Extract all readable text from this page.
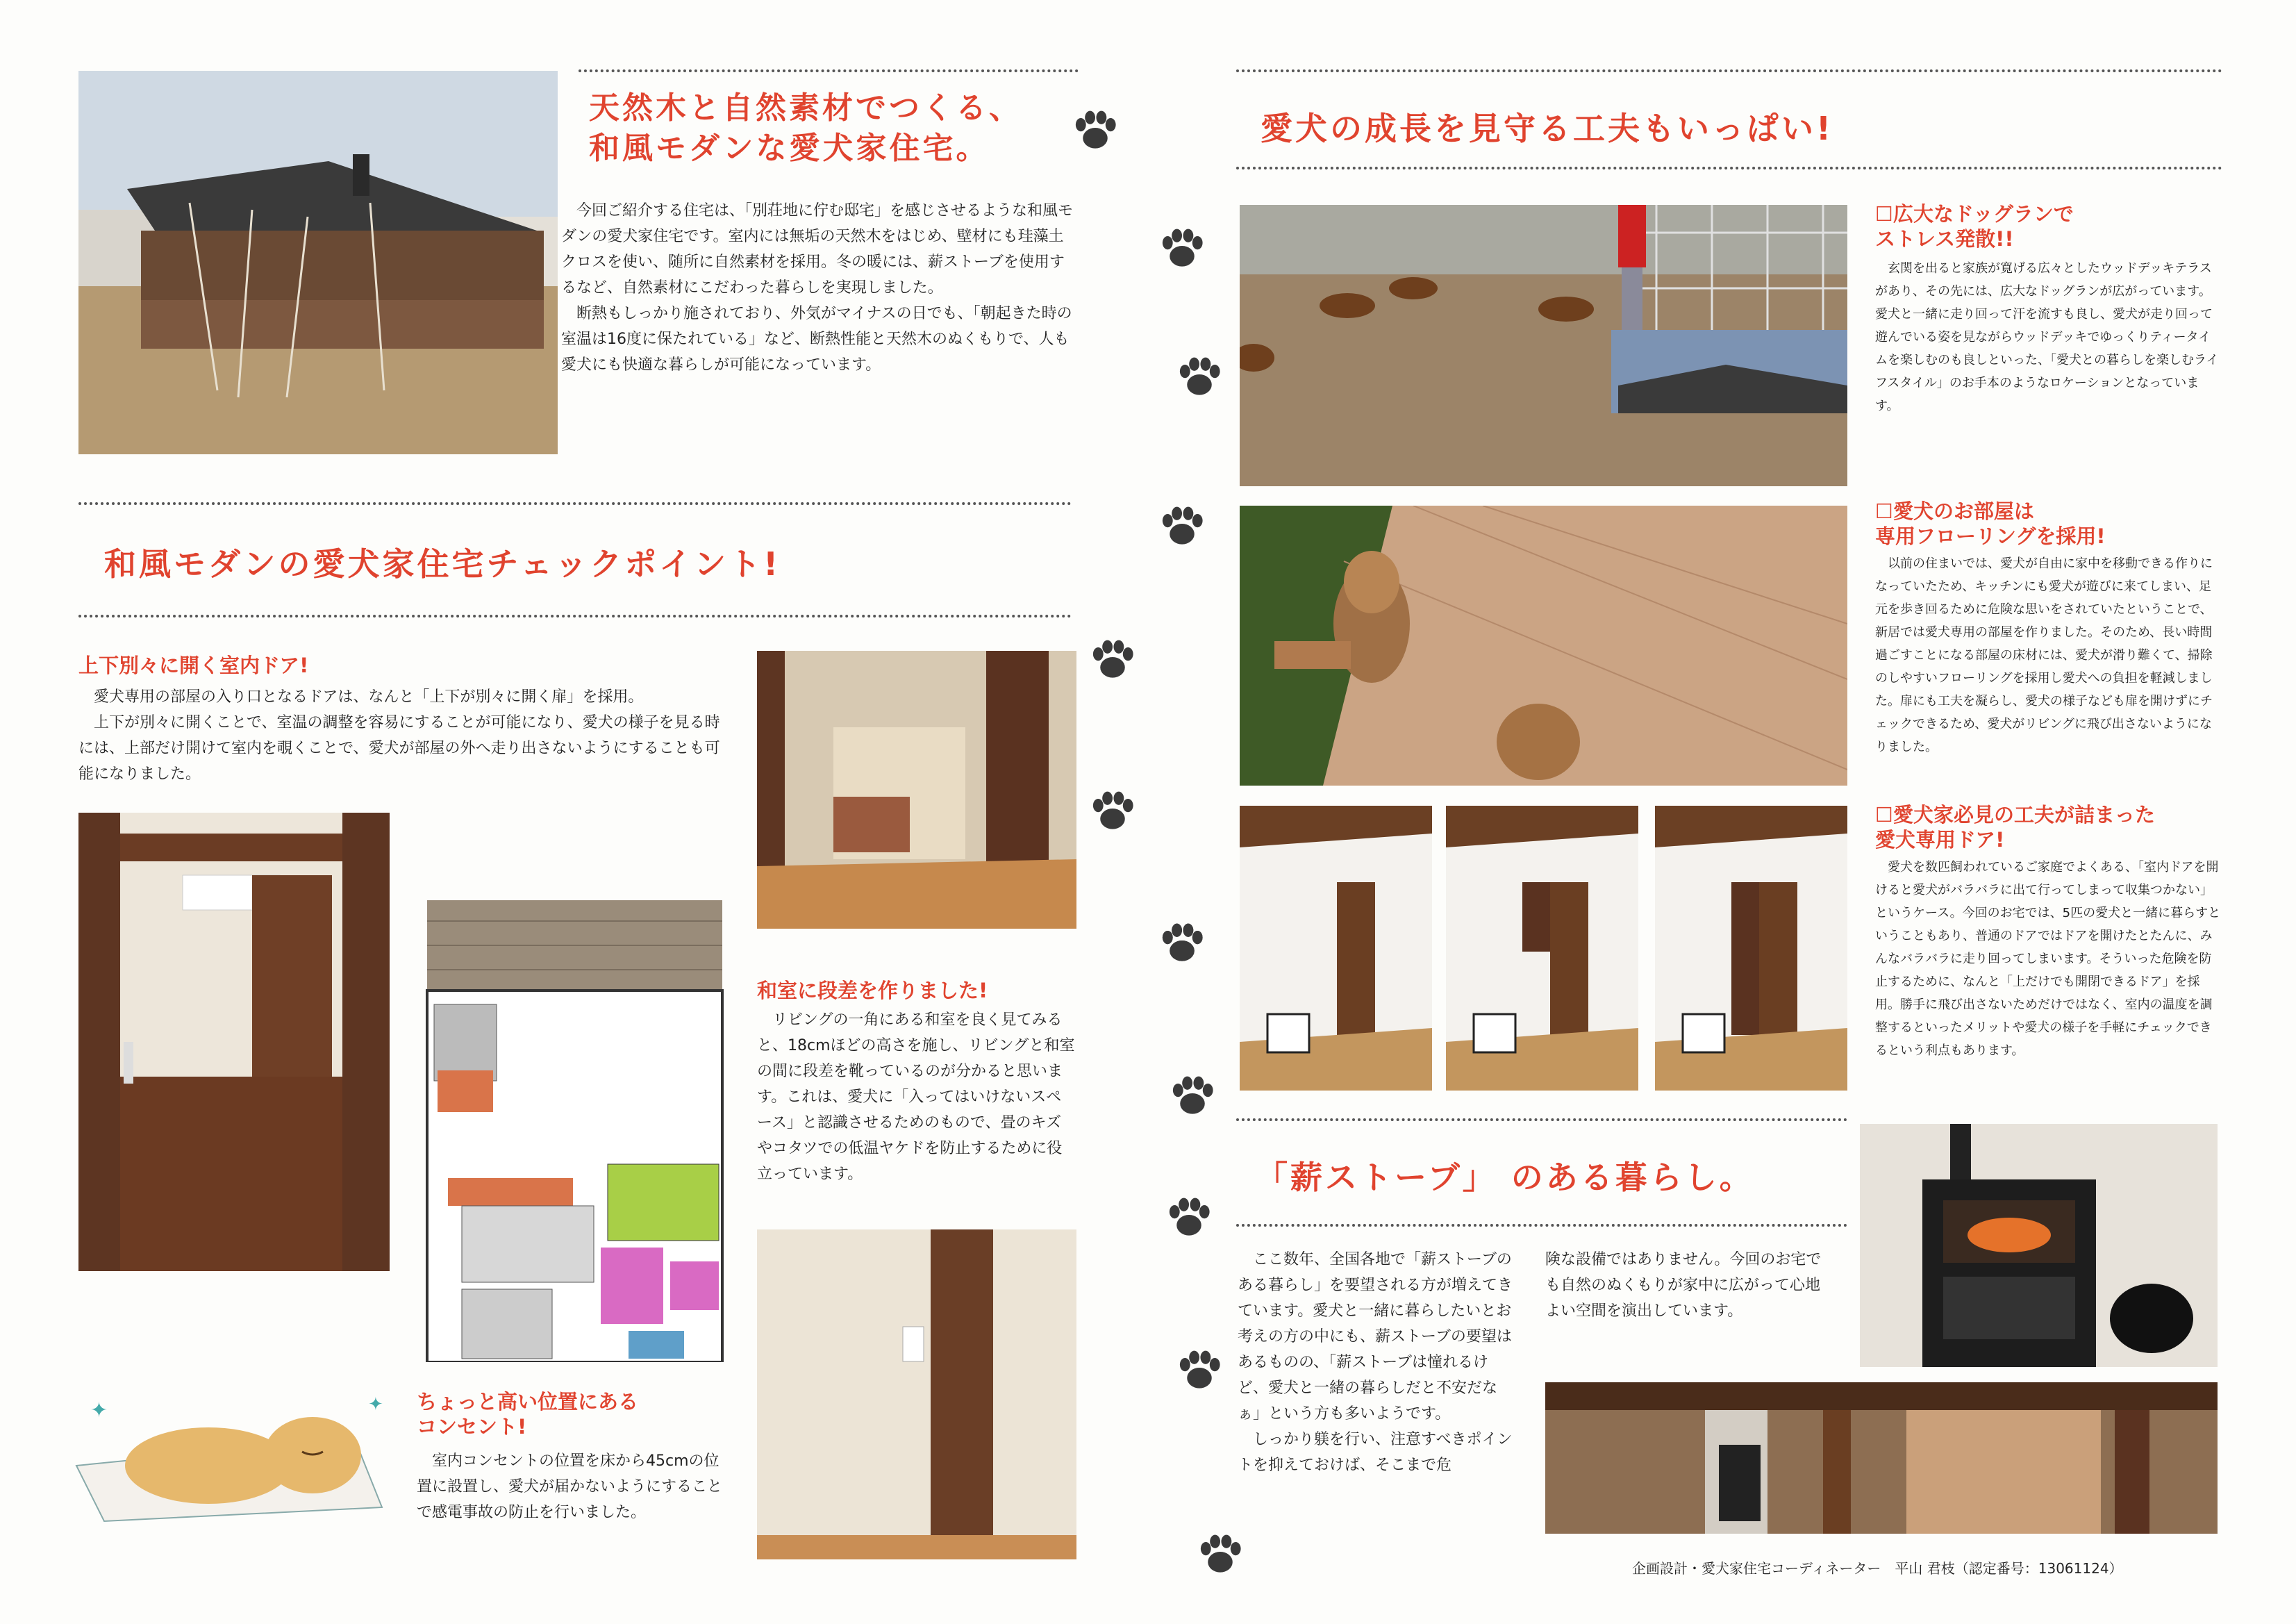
天然木と自然素材でつくる、
和風モダンな愛犬家住宅。
　今回ご紹介する住宅は、「別荘地に佇む邸宅」を感じさせるような和風モダンの愛犬家住宅です。室内には無垢の天然木をはじめ、壁材にも珪藻土クロスを使い、随所に自然素材を採用。冬の暖には、薪ストーブを使用するなど、自然素材にこだわった暮らしを実現しました。
　断熱もしっかり施されており、外気がマイナスの日でも、「朝起きた時の室温は16度に保たれている」など、断熱性能と天然木のぬくもりで、人も愛犬にも快適な暮らしが可能になっています。
和風モダンの愛犬家住宅チェックポイント!
上下別々に開く室内ドア!
　愛犬専用の部屋の入り口となるドアは、なんと「上下が別々に開く扉」を採用。
　上下が別々に開くことで、室温の調整を容易にすることが可能になり、愛犬の様子を見る時には、上部だけ開けて室内を覗くことで、愛犬が部屋の外へ走り出さないようにすることも可能になりました。
和室に段差を作りました!
　リビングの一角にある和室を良く見てみると、18cmほどの高さを施し、リビングと和室の間に段差を靴っているのが分かると思います。これは、愛犬に「入ってはいけないスペース」と認識させるためのもので、畳のキズやコタツでの低温ヤケドを防止するために役立っています。
✦	✦ ちょっと高い位置にある
コンセント!
　室内コンセントの位置を床から45cmの位置に設置し、愛犬が届かないようにすることで感電事故の防止を行いました。
愛犬の成長を見守る工夫もいっぱい!
☐広大なドッグランで
ストレス発散!!
　玄関を出ると家族が寛げる広々としたウッドデッキテラスがあり、その先には、広大なドッグランが広がっています。愛犬と一緒に走り回って汗を流すも良し、愛犬が走り回って遊んでいる姿を見ながらウッドデッキでゆっくりティータイムを楽しむのも良しといった、「愛犬との暮らしを楽しむライフスタイル」のお手本のようなロケーションとなっています。
☐愛犬のお部屋は
専用フローリングを採用!
　以前の住まいでは、愛犬が自由に家中を移動できる作りになっていたため、キッチンにも愛犬が遊びに来てしまい、足元を歩き回るために危険な思いをされていたということで、新居では愛犬専用の部屋を作りました。そのため、長い時間過ごすことになる部屋の床材には、愛犬が滑り難くて、掃除のしやすいフローリングを採用し愛犬への負担を軽減しました。扉にも工夫を凝らし、愛犬の様子なども扉を開けずにチェックできるため、愛犬がリビングに飛び出さないようになりました。
☐愛犬家必見の工夫が詰まった
愛犬専用ドア!
　愛犬を数匹飼われているご家庭でよくある、「室内ドアを開けると愛犬がバラバラに出て行ってしまって収集つかない」というケース。今回のお宅では、5匹の愛犬と一緒に暮らすということもあり、普通のドアではドアを開けたとたんに、みんなバラバラに走り回ってしまいます。そういった危険を防止するために、なんと「上だけでも開閉できるドア」を採用。勝手に飛び出さないためだけではなく、室内の温度を調整するといったメリットや愛犬の様子を手軽にチェックできるという利点もあります。
「薪ストーブ」 のある暮らし。
　ここ数年、全国各地で「薪ストーブのある暮らし」を要望される方が増えてきています。愛犬と一緒に暮らしたいとお考えの方の中にも、薪ストーブの要望はあるものの、「薪ストーブは憧れるけど、愛犬と一緒の暮らしだと不安だなぁ」という方も多いようです。
　しっかり躾を行い、注意すべきポイントを抑えておけば、そこまで危
険な設備ではありません。今回のお宅でも自然のぬくもりが家中に広がって心地よい空間を演出しています。
企画設計・愛犬家住宅コーディネーター　平山 君枝（認定番号：13061124）
